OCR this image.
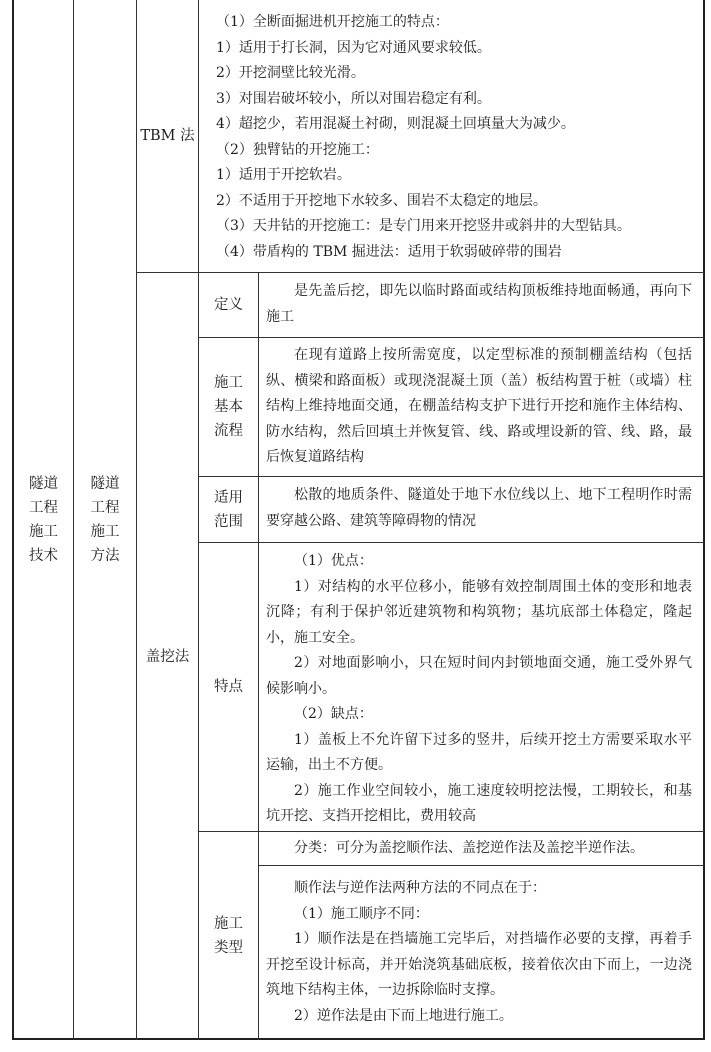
隧道
工程
施工
技术
隧道
工程
施工
方法
TBM 法
（1）全断面掘进机开挖施工的特点：
1）适用于打长洞，因为它对通风要求较低。
2）开挖洞壁比较光滑。
3）对围岩破坏较小，所以对围岩稳定有利。
4）超挖少，若用混凝土衬砌，则混凝土回填量大为减少。
（2）独臂钻的开挖施工：
1）适用于开挖软岩。
2）不适用于开挖地下水较多、围岩不太稳定的地层。
（3）天井钻的开挖施工：是专门用来开挖竖井或斜井的大型钻具。
（4）带盾构的 TBM 掘进法：适用于软弱破碎带的围岩
盖挖法
定义
是先盖后挖，即先以临时路面或结构顶板维持地面畅通，再向下施工
施工
基本
流程
在现有道路上按所需宽度，以定型标准的预制棚盖结构（包括纵、横梁和路面板）或现浇混凝土顶（盖）板结构置于桩（或墙）柱结构上维持地面交通，在棚盖结构支护下进行开挖和施作主体结构、防水结构，然后回填土并恢复管、线、路或埋设新的管、线、路，最后恢复道路结构
适用
范围
松散的地质条件、隧道处于地下水位线以上、地下工程明作时需要穿越公路、建筑等障碍物的情况
特点
（1）优点：
1）对结构的水平位移小，能够有效控制周围土体的变形和地表沉降；有利于保护邻近建筑物和构筑物；基坑底部土体稳定，隆起小，施工安全。
2）对地面影响小，只在短时间内封锁地面交通，施工受外界气候影响小。
（2）缺点：
1）盖板上不允许留下过多的竖井，后续开挖土方需要采取水平运输，出土不方便。
2）施工作业空间较小，施工速度较明挖法慢，工期较长，和基坑开挖、支挡开挖相比，费用较高
施工
类型
分类：可分为盖挖顺作法、盖挖逆作法及盖挖半逆作法。
顺作法与逆作法两种方法的不同点在于：
（1）施工顺序不同：
1）顺作法是在挡墙施工完毕后，对挡墙作必要的支撑，再着手开挖至设计标高，并开始浇筑基础底板，接着依次由下而上，一边浇筑地下结构主体，一边拆除临时支撑。
2）逆作法是由下而上地进行施工。
